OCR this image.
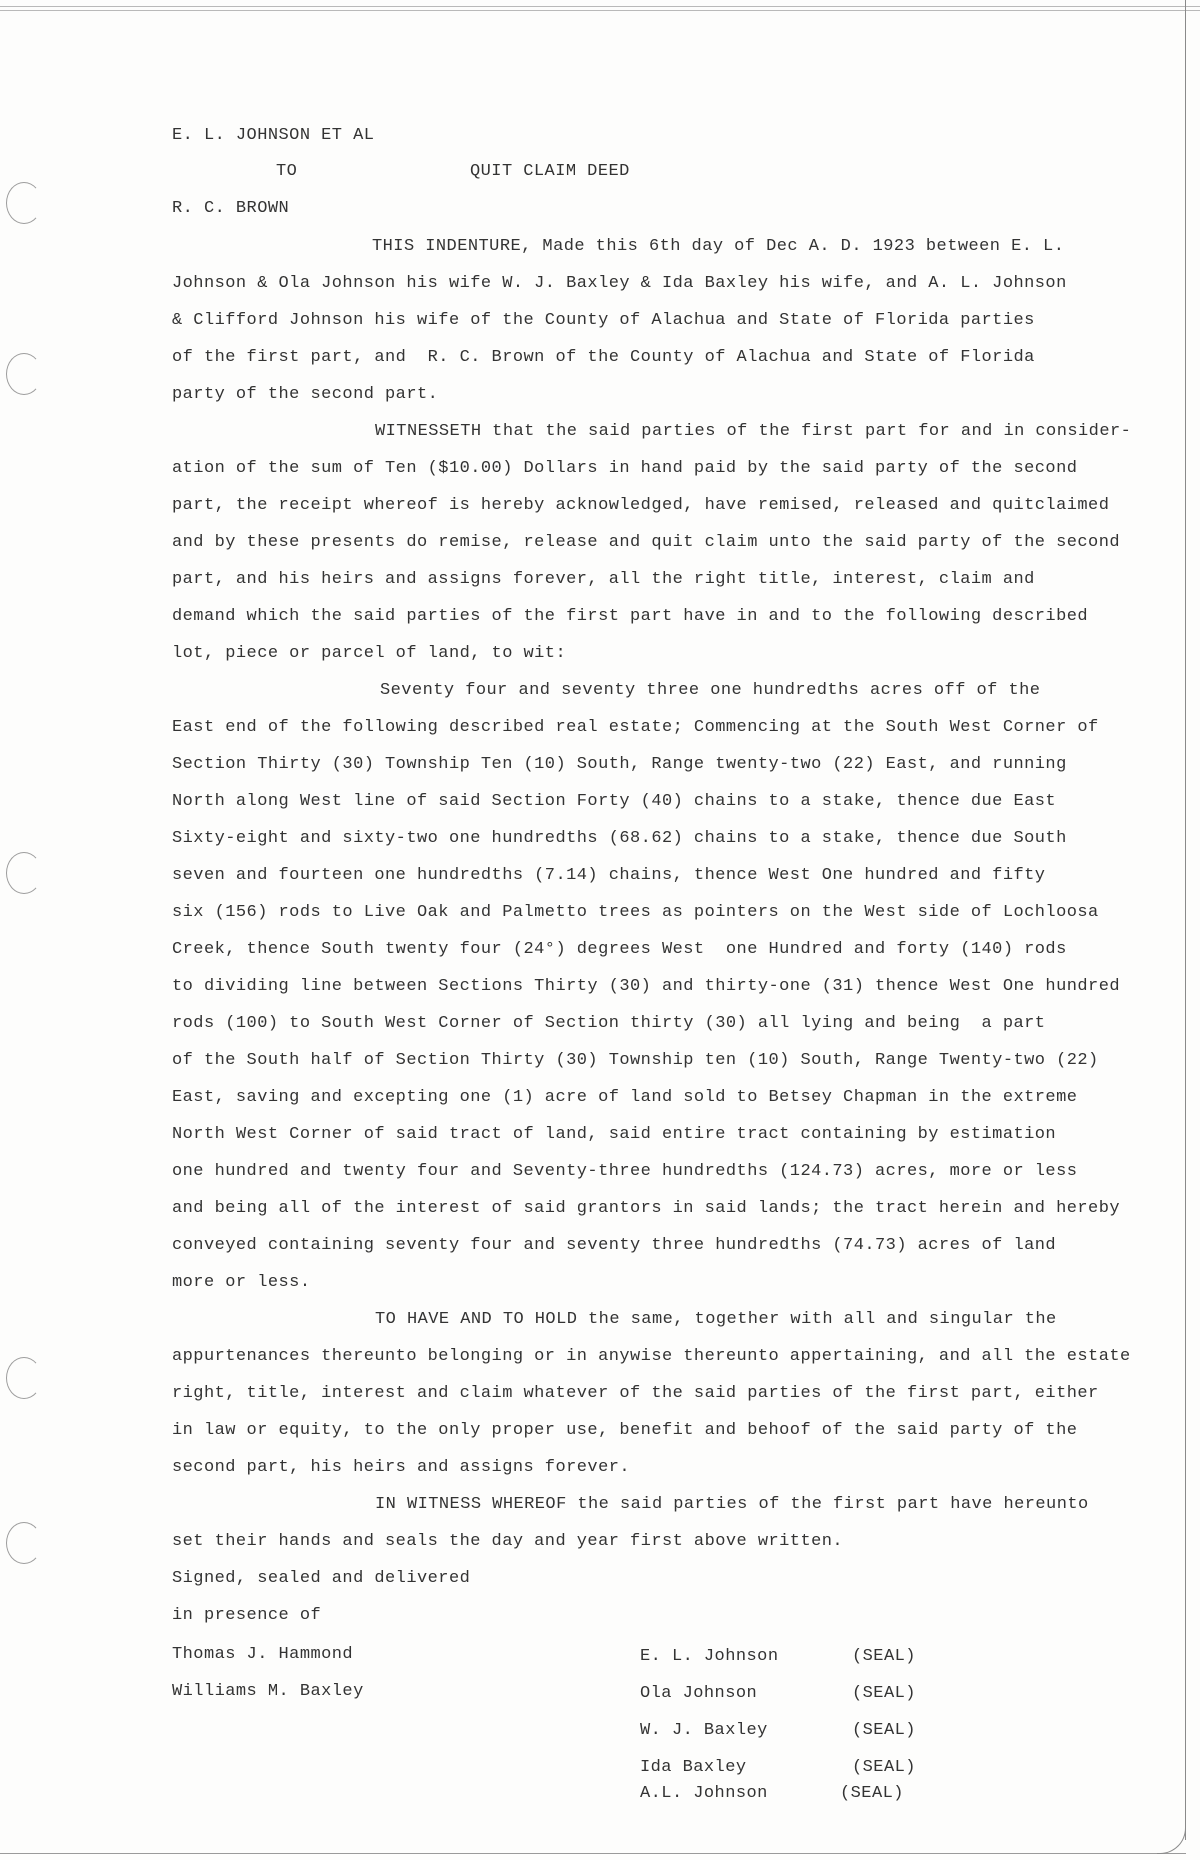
E. L. JOHNSON ET AL
TO	QUIT CLAIM DEED
R. C. BROWN
THIS INDENTURE, Made this 6th day of Dec A. D. 1923 between E. L.
Johnson & Ola Johnson his wife W. J. Baxley & Ida Baxley his wife, and A. L. Johnson
& Clifford Johnson his wife of the County of Alachua and State of Florida parties
of the first part, and  R. C. Brown of the County of Alachua and State of Florida
party of the second part.
WITNESSETH that the said parties of the first part for and in consider-
ation of the sum of Ten ($10.00) Dollars in hand paid by the said party of the second
part, the receipt whereof is hereby acknowledged, have remised, released and quitclaimed
and by these presents do remise, release and quit claim unto the said party of the second
part, and his heirs and assigns forever, all the right title, interest, claim and
demand which the said parties of the first part have in and to the following described
lot, piece or parcel of land, to wit:
Seventy four and seventy three one hundredths acres off of the
East end of the following described real estate; Commencing at the South West Corner of
Section Thirty (30) Township Ten (10) South, Range twenty-two (22) East, and running
North along West line of said Section Forty (40) chains to a stake, thence due East
Sixty-eight and sixty-two one hundredths (68.62) chains to a stake, thence due South
seven and fourteen one hundredths (7.14) chains, thence West One hundred and fifty
six (156) rods to Live Oak and Palmetto trees as pointers on the West side of Lochloosa
Creek, thence South twenty four (24°) degrees West  one Hundred and forty (140) rods
to dividing line between Sections Thirty (30) and thirty-one (31) thence West One hundred
rods (100) to South West Corner of Section thirty (30) all lying and being  a part
of the South half of Section Thirty (30) Township ten (10) South, Range Twenty-two (22)
East, saving and excepting one (1) acre of land sold to Betsey Chapman in the extreme
North West Corner of said tract of land, said entire tract containing by estimation
one hundred and twenty four and Seventy-three hundredths (124.73) acres, more or less
and being all of the interest of said grantors in said lands; the tract herein and hereby
conveyed containing seventy four and seventy three hundredths (74.73) acres of land
more or less.
TO HAVE AND TO HOLD the same, together with all and singular the
appurtenances thereunto belonging or in anywise thereunto appertaining, and all the estate
right, title, interest and claim whatever of the said parties of the first part, either
in law or equity, to the only proper use, benefit and behoof of the said party of the
second part, his heirs and assigns forever.
IN WITNESS WHEREOF the said parties of the first part have hereunto
set their hands and seals the day and year first above written.
Signed, sealed and delivered
in presence of
Thomas J. Hammond
Williams M. Baxley
E. L. Johnson	(SEAL)
Ola Johnson	(SEAL)
W. J. Baxley	(SEAL)
Ida Baxley	(SEAL)
A.L. Johnson	(SEAL)
